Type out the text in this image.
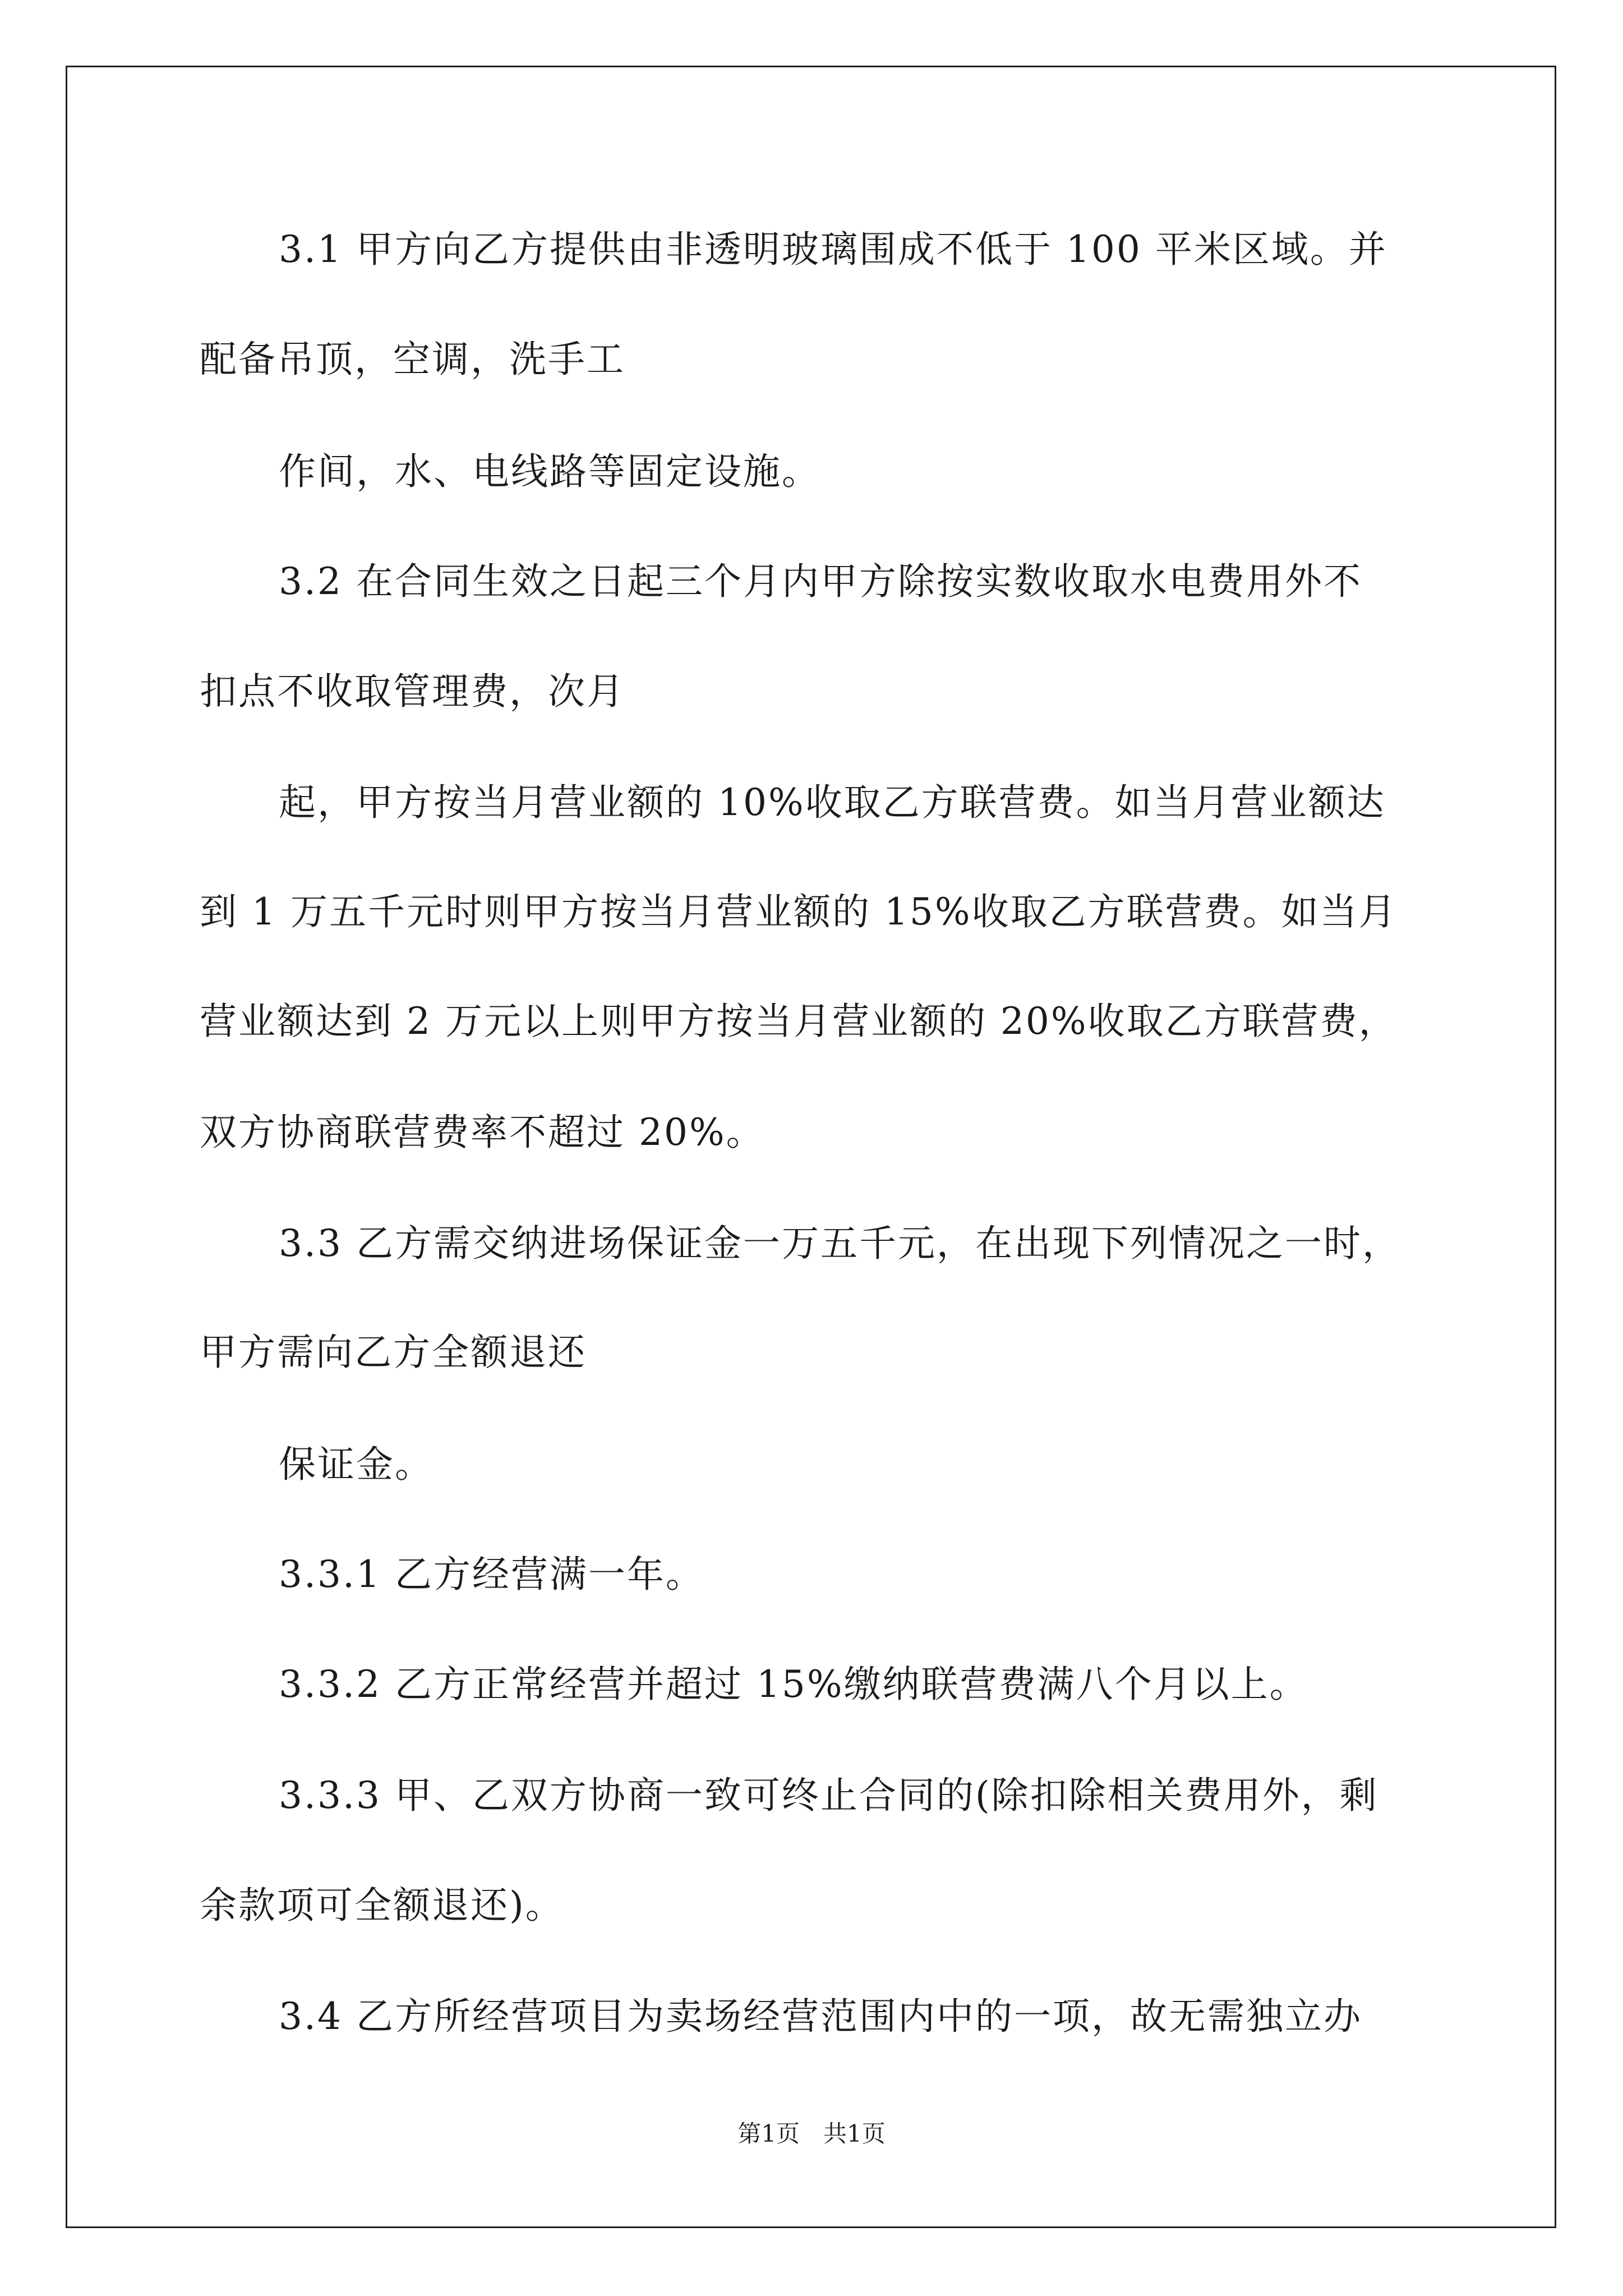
3.1 甲方向乙方提供由非透明玻璃围成不低于 100 平米区域。并
配备吊顶，空调，洗手工
作间，水、电线路等固定设施。
3.2 在合同生效之日起三个月内甲方除按实数收取水电费用外不
扣点不收取管理费，次月
起，甲方按当月营业额的 10%收取乙方联营费。如当月营业额达
到 1 万五千元时则甲方按当月营业额的 15%收取乙方联营费。如当月
营业额达到 2 万元以上则甲方按当月营业额的 20%收取乙方联营费，
双方协商联营费率不超过 20%。
3.3 乙方需交纳进场保证金一万五千元，在出现下列情况之一时，
甲方需向乙方全额退还
保证金。
3.3.1 乙方经营满一年。
3.3.2 乙方正常经营并超过 15%缴纳联营费满八个月以上。
3.3.3 甲、乙双方协商一致可终止合同的(除扣除相关费用外，剩
余款项可全额退还)。
3.4 乙方所经营项目为卖场经营范围内中的一项，故无需独立办
第1页　共1页
